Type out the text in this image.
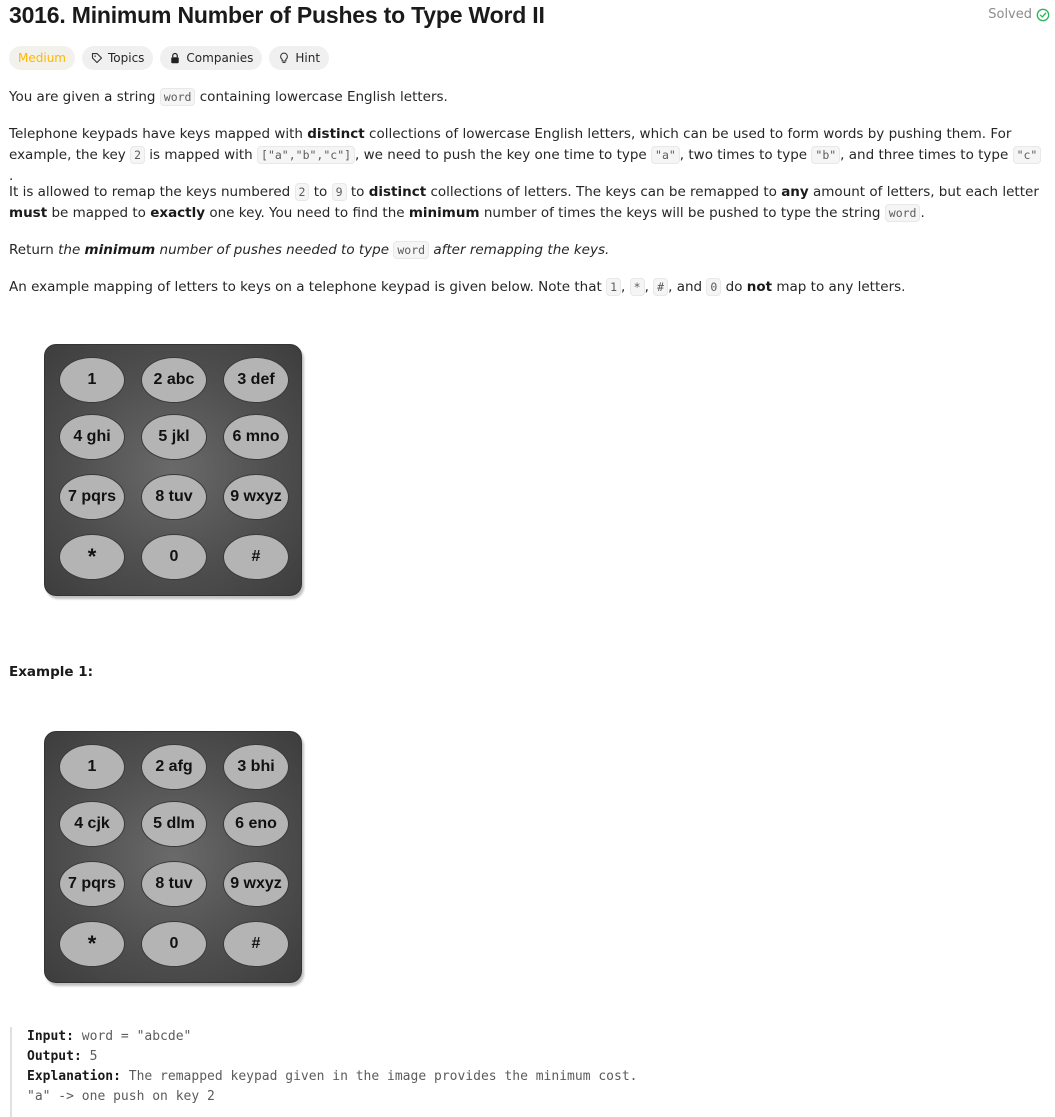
3016. Minimum Number of Pushes to Type Word II	Solved
Medium	Topics	Companies	Hint

You are given a string word containing lowercase English letters.

Telephone keypads have keys mapped with distinct collections of lowercase English letters, which can be used to form words by pushing them. For example, the key 2 is mapped with ["a","b","c"] , we need to push the key one time to type "a" , two times to type "b" , and three times to type "c" .

It is allowed to remap the keys numbered 2 to 9 to distinct collections of letters. The keys can be remapped to any amount of letters, but each letter must be mapped to exactly one key. You need to find the minimum number of times the keys will be pushed to type the string word .

Return the minimum number of pushes needed to type word after remapping the keys.

An example mapping of letters to keys on a telephone keypad is given below. Note that 1 , * , # , and 0 do not map to any letters.

1	2 abc	3 def
4 ghi	5 jkl	6 mno
7 pqrs	8 tuv	9 wxyz
*	0	#

Example 1:

1	2 afg	3 bhi
4 cjk	5 dlm	6 eno
7 pqrs	8 tuv	9 wxyz
*	0	#
Input: word = "abcde"
Output: 5
Explanation: The remapped keypad given in the image provides the minimum cost.
"a" -> one push on key 2
